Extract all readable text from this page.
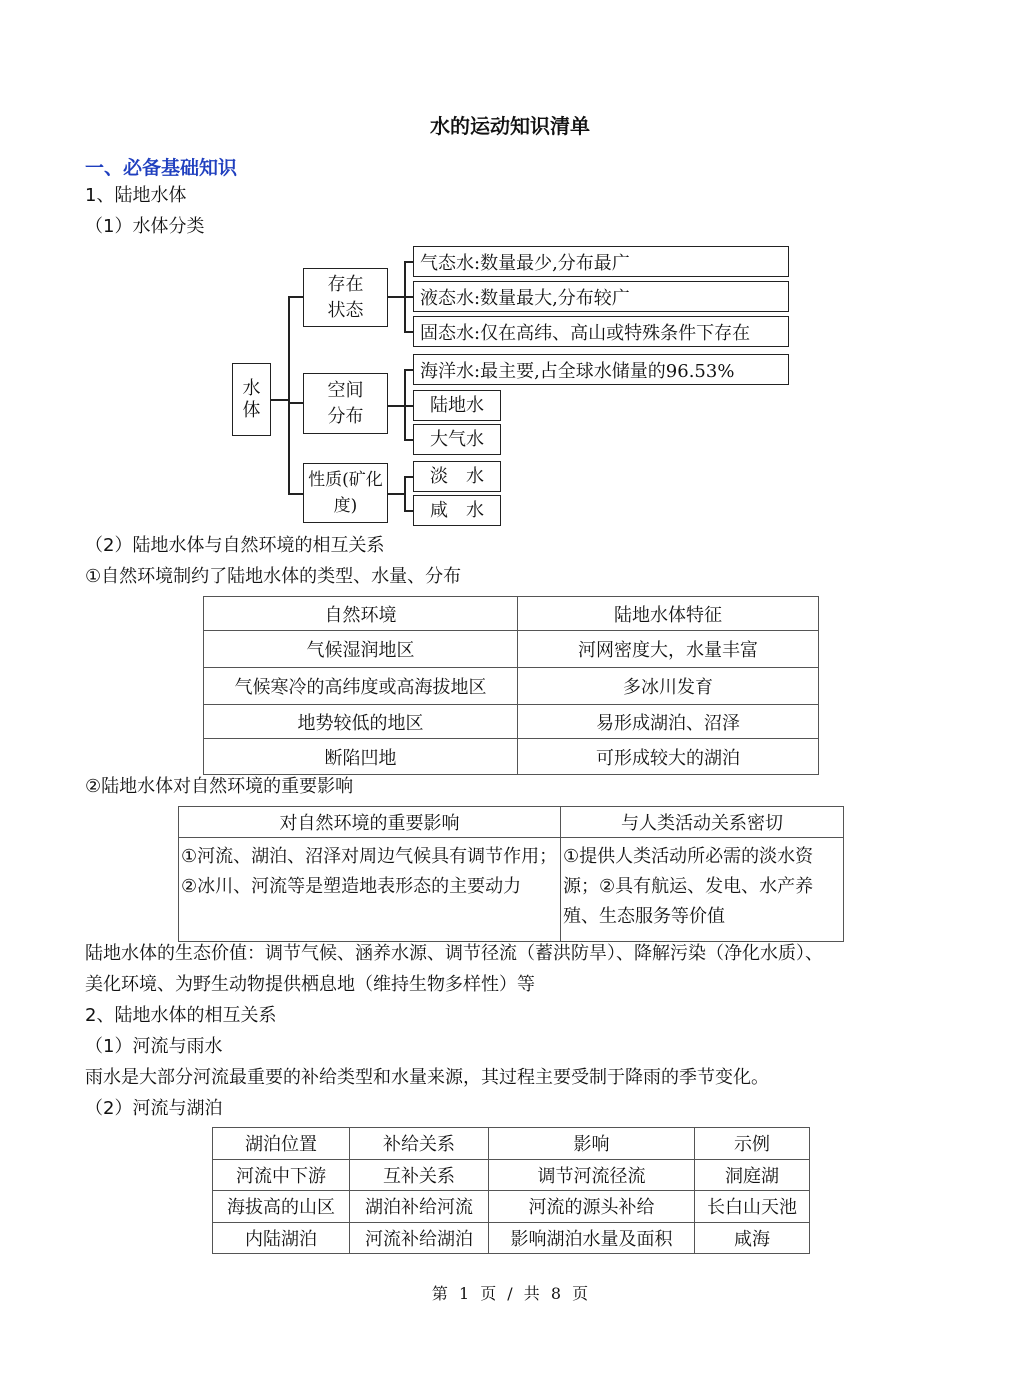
水的运动知识清单
一、必备基础知识
1、陆地水体
（1）水体分类
水体
存在状态
空间分布
性质(矿化度)
气态水:数量最少,分布最广
液态水:数量最大,分布较广
固态水:仅在高纬、高山或特殊条件下存在
海洋水:最主要,占全球水储量的96.53%
陆地水
大气水
淡　水
咸　水
（2）陆地水体与自然环境的相互关系
①自然环境制约了陆地水体的类型、水量、分布
自然环境	陆地水体特征
气候湿润地区	河网密度大，水量丰富
气候寒冷的高纬度或高海拔地区	多冰川发育
地势较低的地区	易形成湖泊、沼泽
断陷凹地	可形成较大的湖泊
②陆地水体对自然环境的重要影响
对自然环境的重要影响	与人类活动关系密切
①河流、湖泊、沼泽对周边气候具有调节作用；②冰川、河流等是塑造地表形态的主要动力	①提供人类活动所必需的淡水资源；②具有航运、发电、水产养殖、生态服务等价值
陆地水体的生态价值：调节气候、涵养水源、调节径流（蓄洪防旱）、降解污染（净化水质）、
美化环境、为野生动物提供栖息地（维持生物多样性）等
2、陆地水体的相互关系
（1）河流与雨水
雨水是大部分河流最重要的补给类型和水量来源，其过程主要受制于降雨的季节变化。
（2）河流与湖泊
湖泊位置	补给关系	影响	示例
河流中下游	互补关系	调节河流径流	洞庭湖
海拔高的山区	湖泊补给河流	河流的源头补给	长白山天池
内陆湖泊	河流补给湖泊	影响湖泊水量及面积	咸海
第 1 页 / 共 8 页
